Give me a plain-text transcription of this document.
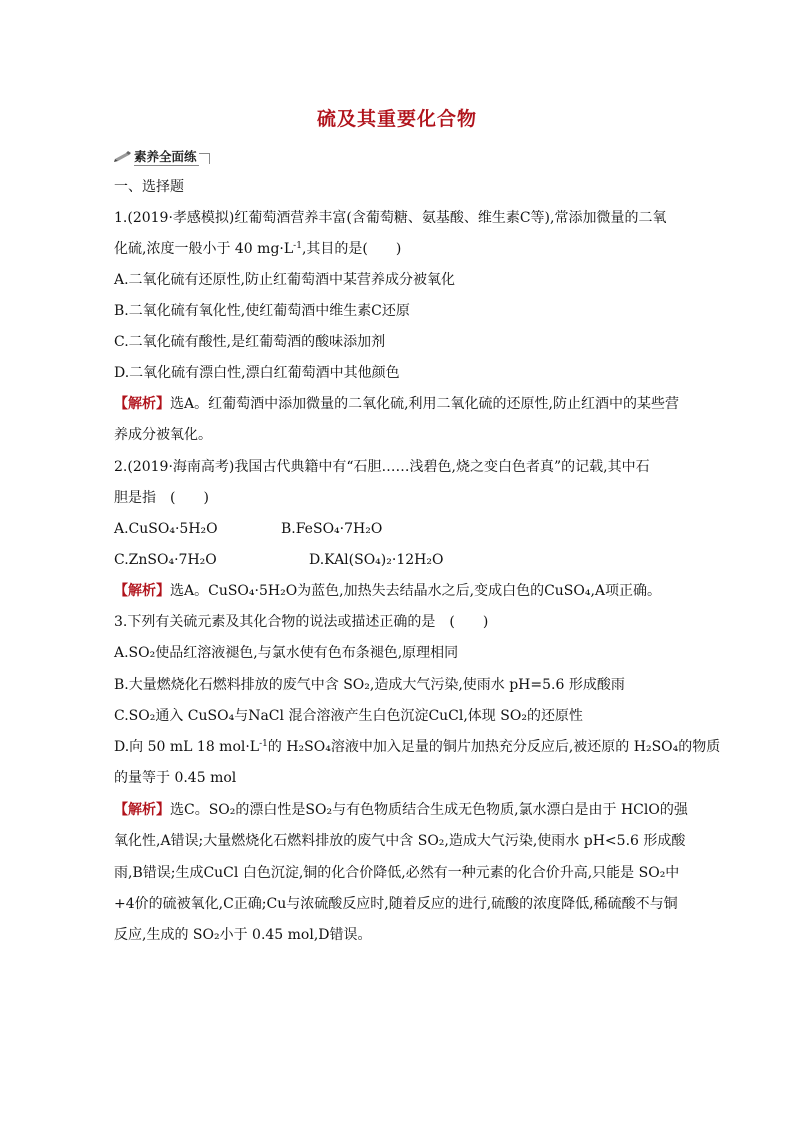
硫及其重要化合物
素养全面练
一、选择题
1.(2019·孝感模拟)红葡萄酒营养丰富(含葡萄糖、氨基酸、维生素C等),常添加微量的二氧
化硫,浓度一般小于 40 $mg\cdot L^{-1}$,其目的是(　　)
A.二氧化硫有还原性,防止红葡萄酒中某营养成分被氧化
B.二氧化硫有氧化性,使红葡萄酒中维生素C还原
C.二氧化硫有酸性,是红葡萄酒的酸味添加剂
D.二氧化硫有漂白性,漂白红葡萄酒中其他颜色
【解析】选A。红葡萄酒中添加微量的二氧化硫,利用二氧化硫的还原性,防止红酒中的某些营
养成分被氧化。
2.(2019·海南高考)我国古代典籍中有“石胆……浅碧色,烧之变白色者真”的记载,其中石
胆是指　(　　)
A.CuSO₄·5H₂O	B.FeSO₄·7H₂O
C.ZnSO₄·7H₂O	D.KAl(SO₄)₂·12H₂O
【解析】选A。CuSO₄·5H₂O为蓝色,加热失去结晶水之后,变成白色的CuSO₄,A项正确。
3.下列有关硫元素及其化合物的说法或描述正确的是　(　　)
A.SO₂使品红溶液褪色,与氯水使有色布条褪色,原理相同
B.大量燃烧化石燃料排放的废气中含 SO₂,造成大气污染,使雨水 pH=5.6 形成酸雨
C.SO₂通入 CuSO₄与NaCl 混合溶液产生白色沉淀CuCl,体现 SO₂的还原性
D.向 50 mL 18 $mol\cdot L^{-1}$的 H₂SO₄溶液中加入足量的铜片加热充分反应后,被还原的 H₂SO₄的物质
的量等于 0.45 mol
【解析】选C。SO₂的漂白性是SO₂与有色物质结合生成无色物质,氯水漂白是由于 HClO的强
氧化性,A错误;大量燃烧化石燃料排放的废气中含 SO₂,造成大气污染,使雨水 pH<5.6 形成酸
雨,B错误;生成CuCl 白色沉淀,铜的化合价降低,必然有一种元素的化合价升高,只能是 SO₂中
+4价的硫被氧化,C正确;Cu与浓硫酸反应时,随着反应的进行,硫酸的浓度降低,稀硫酸不与铜
反应,生成的 SO₂小于 0.45 mol,D错误。
